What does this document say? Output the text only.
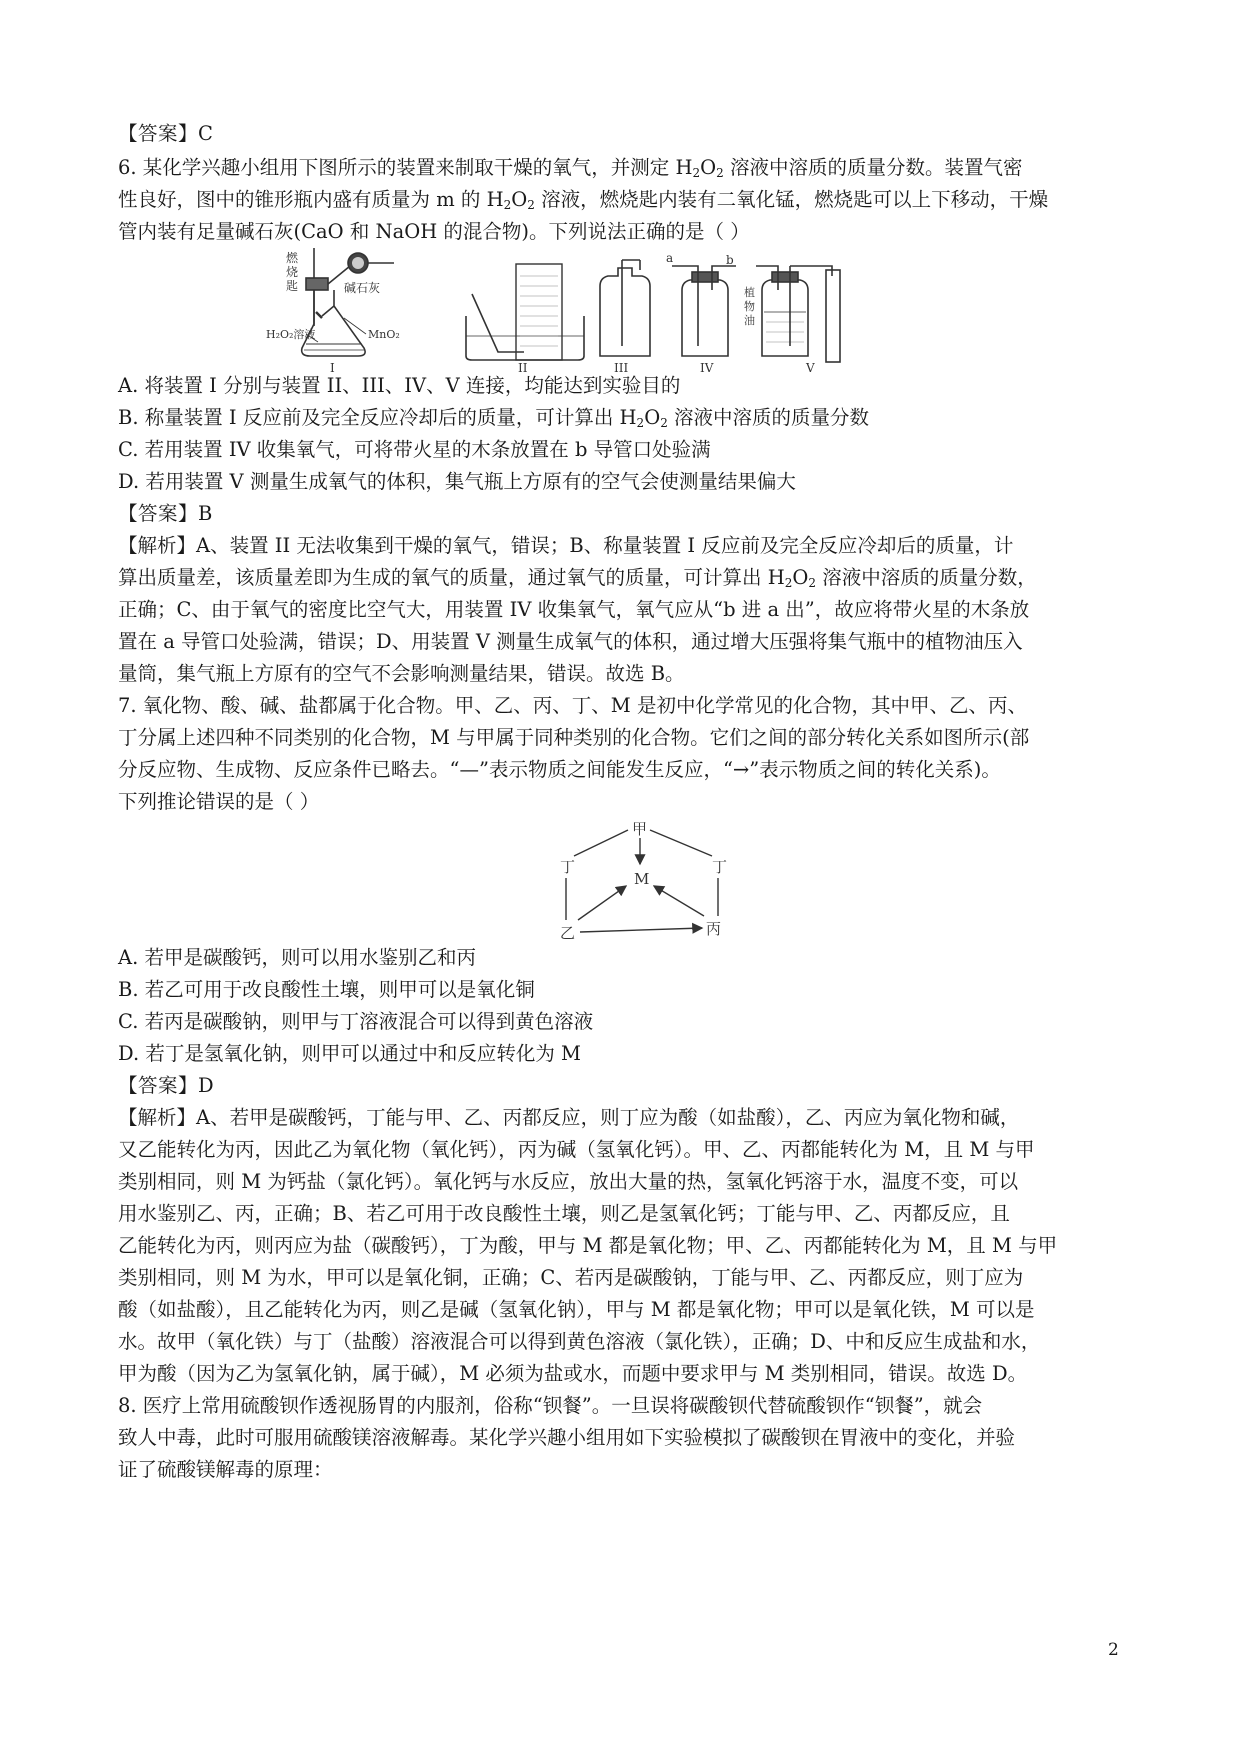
【答案】C
6. 某化学兴趣小组用下图所示的装置来制取干燥的氧气，并测定 $H_2O_2$ 溶液中溶质的质量分数。装置气密
性良好，图中的锥形瓶内盛有质量为 m 的 $H_2O_2$ 溶液，燃烧匙内装有二氧化锰，燃烧匙可以上下移动，干燥
管内装有足量碱石灰(CaO 和 NaOH 的混合物)。下列说法正确的是（ ）
燃
烧
匙	碱石灰
H₂O₂溶液	MnO₂
I	II	III
a	b
IV
植
物
油
V
A. 将装置 I 分别与装置 II、III、IV、V 连接，均能达到实验目的
B. 称量装置 I 反应前及完全反应冷却后的质量，可计算出 $H_2O_2$ 溶液中溶质的质量分数
C. 若用装置 IV 收集氧气，可将带火星的木条放置在 b 导管口处验满
D. 若用装置 V 测量生成氧气的体积，集气瓶上方原有的空气会使测量结果偏大
【答案】B
【解析】A、装置 II 无法收集到干燥的氧气，错误；B、称量装置 I 反应前及完全反应冷却后的质量，计
算出质量差，该质量差即为生成的氧气的质量，通过氧气的质量，可计算出 $H_2O_2$ 溶液中溶质的质量分数，
正确；C、由于氧气的密度比空气大，用装置 IV 收集氧气，氧气应从“b 进 a 出”，故应将带火星的木条放
置在 a 导管口处验满，错误；D、用装置 V 测量生成氧气的体积，通过增大压强将集气瓶中的植物油压入
量筒，集气瓶上方原有的空气不会影响测量结果，错误。故选 B。
7. 氧化物、酸、碱、盐都属于化合物。甲、乙、丙、丁、M 是初中化学常见的化合物，其中甲、乙、丙、
丁分属上述四种不同类别的化合物，M 与甲属于同种类别的化合物。它们之间的部分转化关系如图所示(部
分反应物、生成物、反应条件已略去。“—”表示物质之间能发生反应，“→”表示物质之间的转化关系)。
下列推论错误的是（ ）
甲
丁
M
丁
乙	丙
A. 若甲是碳酸钙，则可以用水鉴别乙和丙
B. 若乙可用于改良酸性土壤，则甲可以是氧化铜
C. 若丙是碳酸钠，则甲与丁溶液混合可以得到黄色溶液
D. 若丁是氢氧化钠，则甲可以通过中和反应转化为 M
【答案】D
【解析】A、若甲是碳酸钙，丁能与甲、乙、丙都反应，则丁应为酸（如盐酸），乙、丙应为氧化物和碱，
又乙能转化为丙，因此乙为氧化物（氧化钙），丙为碱（氢氧化钙）。甲、乙、丙都能转化为 M，且 M 与甲
类别相同，则 M 为钙盐（氯化钙）。氧化钙与水反应，放出大量的热，氢氧化钙溶于水，温度不变，可以
用水鉴别乙、丙，正确；B、若乙可用于改良酸性土壤，则乙是氢氧化钙；丁能与甲、乙、丙都反应，且
乙能转化为丙，则丙应为盐（碳酸钙），丁为酸，甲与 M 都是氧化物；甲、乙、丙都能转化为 M，且 M 与甲
类别相同，则 M 为水，甲可以是氧化铜，正确；C、若丙是碳酸钠，丁能与甲、乙、丙都反应，则丁应为
酸（如盐酸），且乙能转化为丙，则乙是碱（氢氧化钠），甲与 M 都是氧化物；甲可以是氧化铁，M 可以是
水。故甲（氧化铁）与丁（盐酸）溶液混合可以得到黄色溶液（氯化铁），正确；D、中和反应生成盐和水，
甲为酸（因为乙为氢氧化钠，属于碱），M 必须为盐或水，而题中要求甲与 M 类别相同，错误。故选 D。
8. 医疗上常用硫酸钡作透视肠胃的内服剂，俗称“钡餐”。一旦误将碳酸钡代替硫酸钡作“钡餐”，就会
致人中毒，此时可服用硫酸镁溶液解毒。某化学兴趣小组用如下实验模拟了碳酸钡在胃液中的变化，并验
证了硫酸镁解毒的原理：
2
